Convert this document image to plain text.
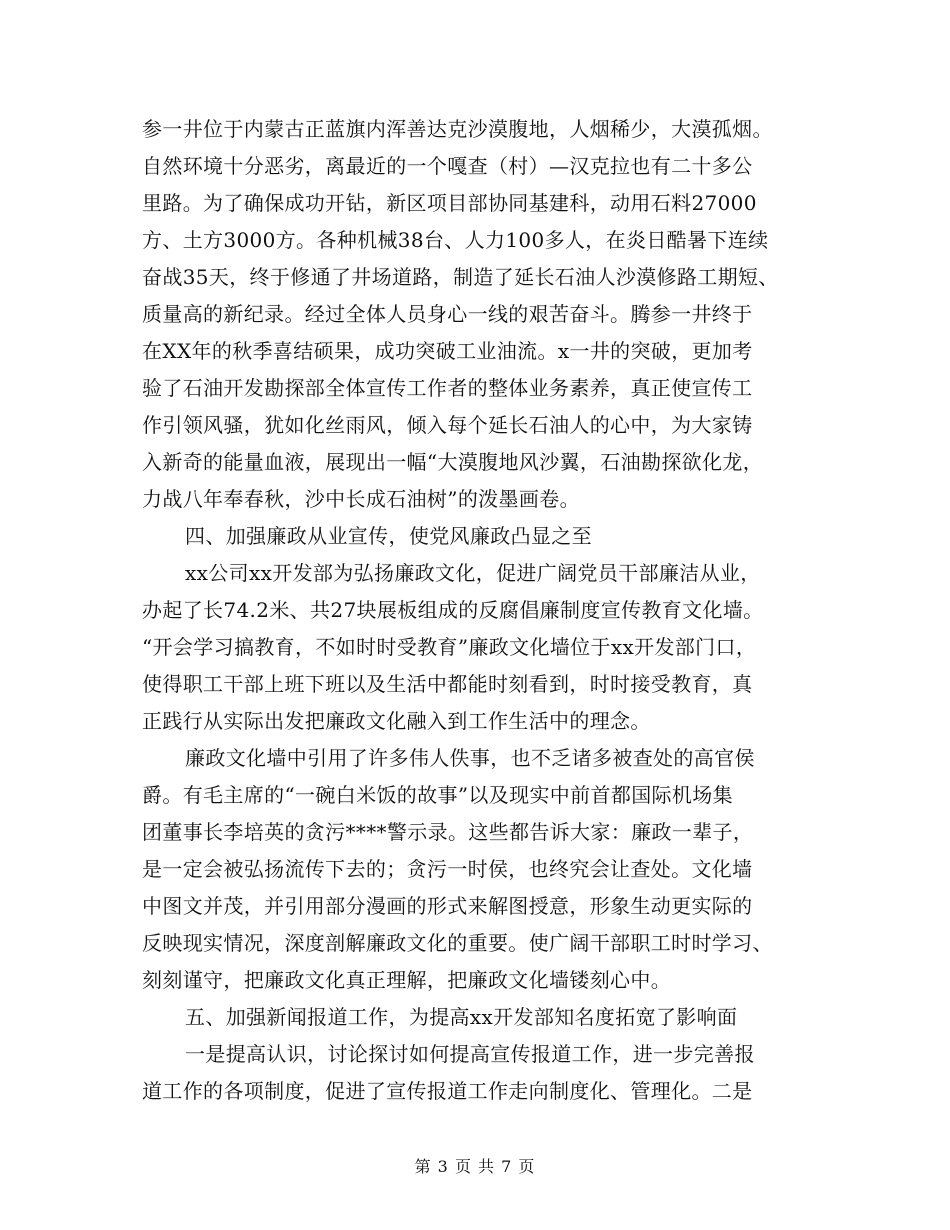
参一井位于内蒙古正蓝旗内浑善达克沙漠腹地，人烟稀少，大漠孤烟。
自然环境十分恶劣，离最近的一个嘎查（村）—汉克拉也有二十多公
里路。为了确保成功开钻，新区项目部协同基建科，动用石料27000
方、土方3000方。各种机械38台、人力100多人，在炎日酷暑下连续
奋战35天，终于修通了井场道路，制造了延长石油人沙漠修路工期短、
质量高的新纪录。经过全体人员身心一线的艰苦奋斗。腾参一井终于
在XX年的秋季喜结硕果，成功突破工业油流。x一井的突破，更加考
验了石油开发勘探部全体宣传工作者的整体业务素养，真正使宣传工
作引领风骚，犹如化丝雨风，倾入每个延长石油人的心中，为大家铸
入新奇的能量血液，展现出一幅“大漠腹地风沙翼，石油勘探欲化龙，
力战八年奉春秋，沙中长成石油树”的泼墨画卷。
四、加强廉政从业宣传，使党风廉政凸显之至
xx公司xx开发部为弘扬廉政文化，促进广阔党员干部廉洁从业，
办起了长74.2米、共27块展板组成的反腐倡廉制度宣传教育文化墙。
“开会学习搞教育，不如时时受教育”廉政文化墙位于xx开发部门口，
使得职工干部上班下班以及生活中都能时刻看到，时时接受教育，真
正践行从实际出发把廉政文化融入到工作生活中的理念。
廉政文化墙中引用了许多伟人佚事，也不乏诸多被查处的高官侯
爵。有毛主席的“一碗白米饭的故事”以及现实中前首都国际机场集
团董事长李培英的贪污****警示录。这些都告诉大家：廉政一辈子，
是一定会被弘扬流传下去的；贪污一时侯，也终究会让查处。文化墙
中图文并茂，并引用部分漫画的形式来解图授意，形象生动更实际的
反映现实情况，深度剖解廉政文化的重要。使广阔干部职工时时学习、
刻刻谨守，把廉政文化真正理解，把廉政文化墙镂刻心中。
五、加强新闻报道工作，为提高xx开发部知名度拓宽了影响面
一是提高认识，讨论探讨如何提高宣传报道工作，进一步完善报
道工作的各项制度，促进了宣传报道工作走向制度化、管理化。二是
第 3 页 共 7 页
